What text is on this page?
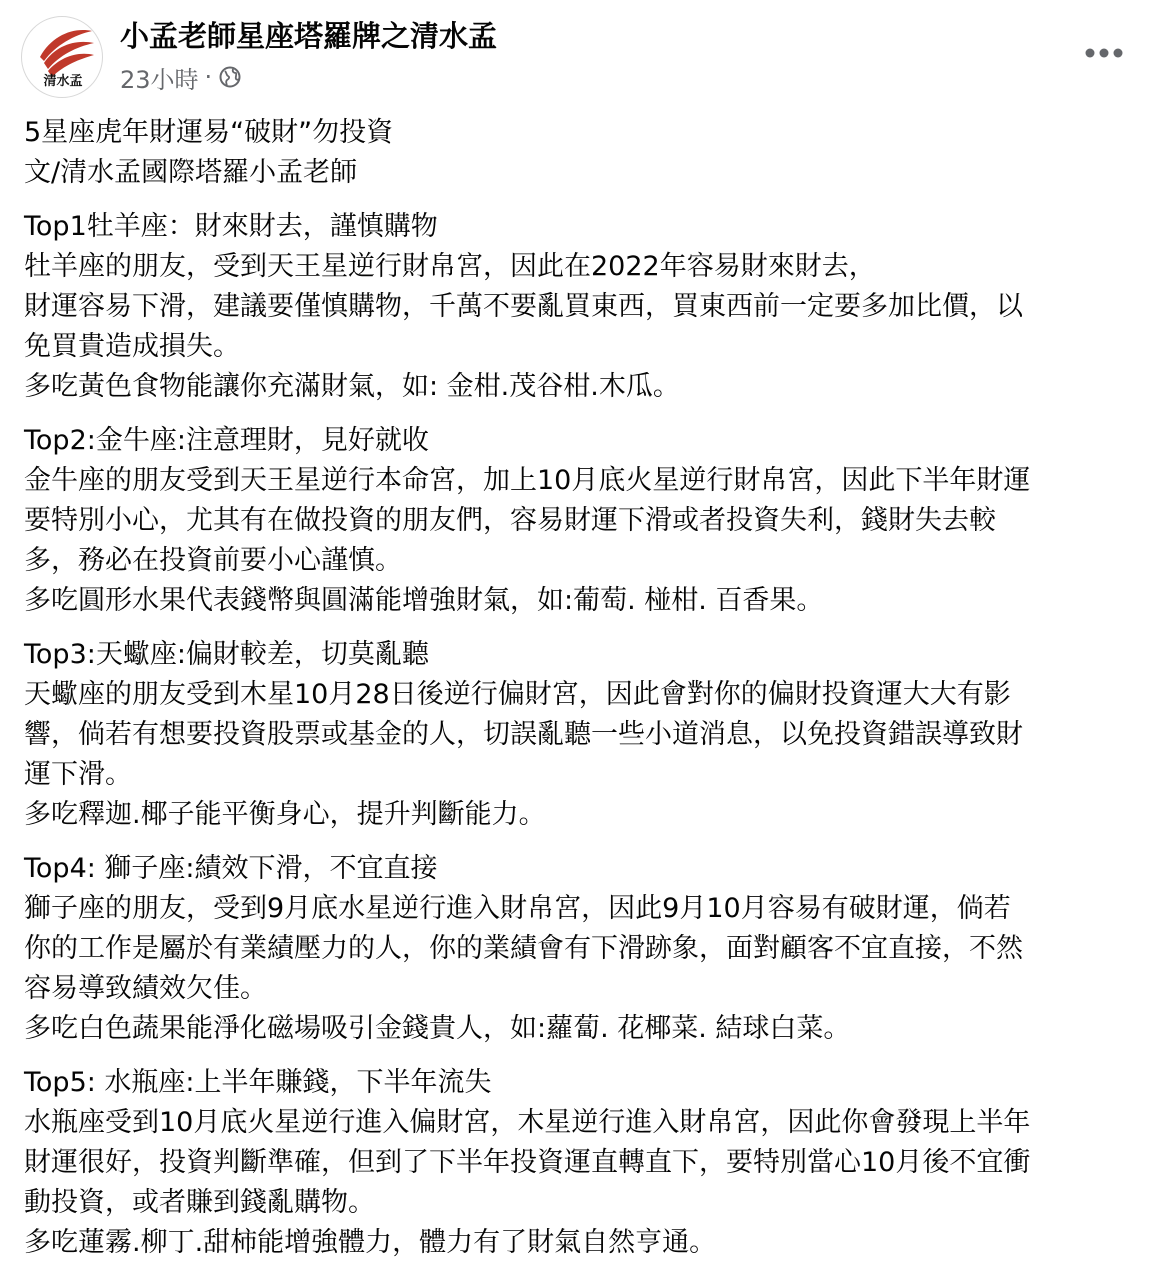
清水孟
小孟老師星座塔羅牌之清水孟
23小時 ·

5星座虎年財運易“破財”勿投資

文/清水孟國際塔羅小孟老師

Top1牡羊座：財來財去，謹慎購物

牡羊座的朋友，受到天王星逆行財帛宮，因此在2022年容易財來財去，

財運容易下滑，建議要僅慎購物，千萬不要亂買東西，買東西前一定要多加比價，以

免買貴造成損失。

多吃黃色食物能讓你充滿財氣，如: 金柑.茂谷柑.木瓜。

Top2:金牛座:注意理財，見好就收

金牛座的朋友受到天王星逆行本命宮，加上10月底火星逆行財帛宮，因此下半年財運

要特別小心，尤其有在做投資的朋友們，容易財運下滑或者投資失利，錢財失去較

多，務必在投資前要小心謹慎。

多吃圓形水果代表錢幣與圓滿能增強財氣，如:葡萄. 椪柑. 百香果。

Top3:天蠍座:偏財較差，切莫亂聽

天蠍座的朋友受到木星10月28日後逆行偏財宮，因此會對你的偏財投資運大大有影

響，倘若有想要投資股票或基金的人，切誤亂聽一些小道消息，以免投資錯誤導致財

運下滑。

多吃釋迦.椰子能平衡身心，提升判斷能力。

Top4: 獅子座:績效下滑，不宜直接

獅子座的朋友，受到9月底水星逆行進入財帛宮，因此9月10月容易有破財運，倘若

你的工作是屬於有業績壓力的人，你的業績會有下滑跡象，面對顧客不宜直接，不然

容易導致績效欠佳。

多吃白色蔬果能淨化磁場吸引金錢貴人，如:蘿蔔. 花椰菜. 結球白菜。

Top5: 水瓶座:上半年賺錢，下半年流失

水瓶座受到10月底火星逆行進入偏財宮，木星逆行進入財帛宮，因此你會發現上半年

財運很好，投資判斷準確，但到了下半年投資運直轉直下，要特別當心10月後不宜衝

動投資，或者賺到錢亂購物。

多吃蓮霧.柳丁.甜柿能增強體力，體力有了財氣自然亨通。
